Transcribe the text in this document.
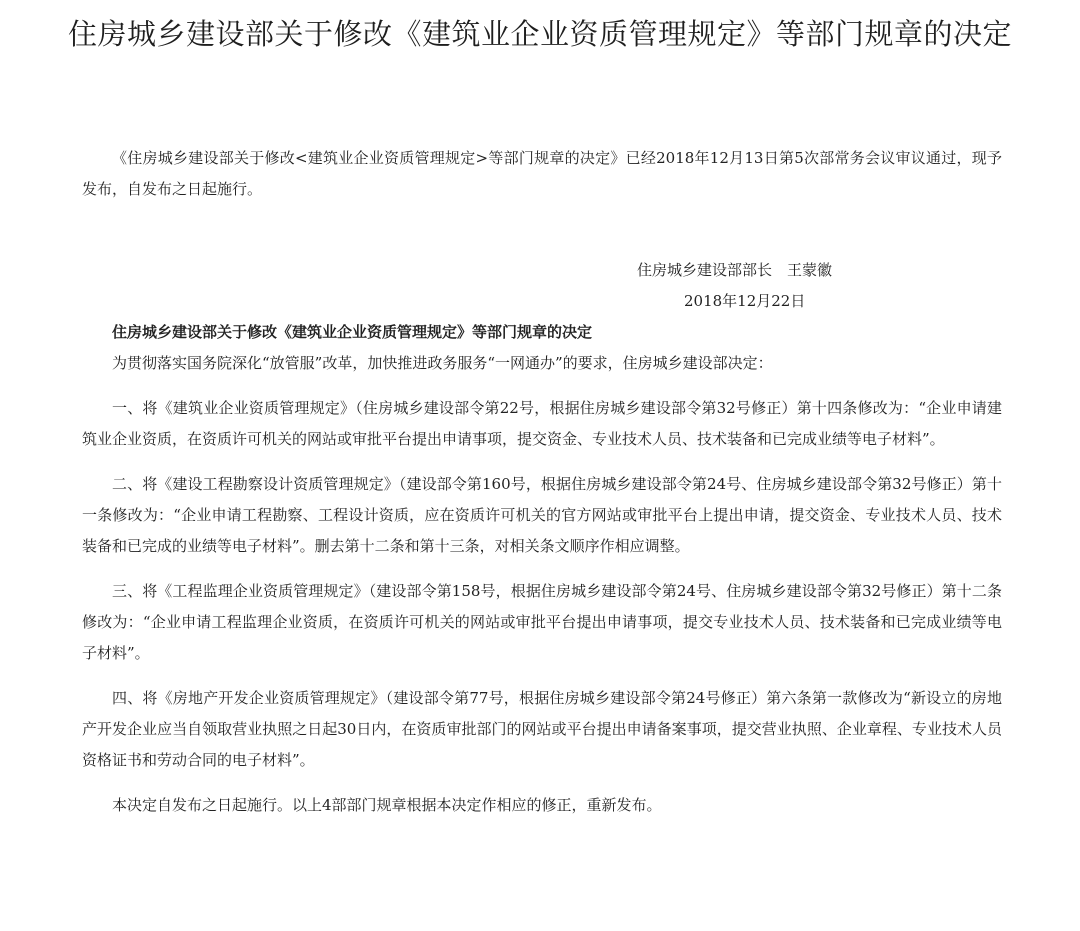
住房城乡建设部关于修改《建筑业企业资质管理规定》等部门规章的决定

《住房城乡建设部关于修改<建筑业企业资质管理规定>等部门规章的决定》已经2018年12月13日第5次部常务会议审议通过，现予发布，自发布之日起施行。

住房城乡建设部部长　王蒙徽
2018年12月22日

住房城乡建设部关于修改《建筑业企业资质管理规定》等部门规章的决定

为贯彻落实国务院深化“放管服”改革，加快推进政务服务“一网通办”的要求，住房城乡建设部决定：

一、将《建筑业企业资质管理规定》（住房城乡建设部令第22号，根据住房城乡建设部令第32号修正）第十四条修改为：“企业申请建筑业企业资质，在资质许可机关的网站或审批平台提出申请事项，提交资金、专业技术人员、技术装备和已完成业绩等电子材料”。

二、将《建设工程勘察设计资质管理规定》（建设部令第160号，根据住房城乡建设部令第24号、住房城乡建设部令第32号修正）第十一条修改为：“企业申请工程勘察、工程设计资质，应在资质许可机关的官方网站或审批平台上提出申请，提交资金、专业技术人员、技术装备和已完成的业绩等电子材料”。删去第十二条和第十三条，对相关条文顺序作相应调整。

三、将《工程监理企业资质管理规定》（建设部令第158号，根据住房城乡建设部令第24号、住房城乡建设部令第32号修正）第十二条修改为：“企业申请工程监理企业资质，在资质许可机关的网站或审批平台提出申请事项，提交专业技术人员、技术装备和已完成业绩等电子材料”。

四、将《房地产开发企业资质管理规定》（建设部令第77号，根据住房城乡建设部令第24号修正）第六条第一款修改为“新设立的房地产开发企业应当自领取营业执照之日起30日内，在资质审批部门的网站或平台提出申请备案事项，提交营业执照、企业章程、专业技术人员资格证书和劳动合同的电子材料”。

本决定自发布之日起施行。以上4部部门规章根据本决定作相应的修正，重新发布。
